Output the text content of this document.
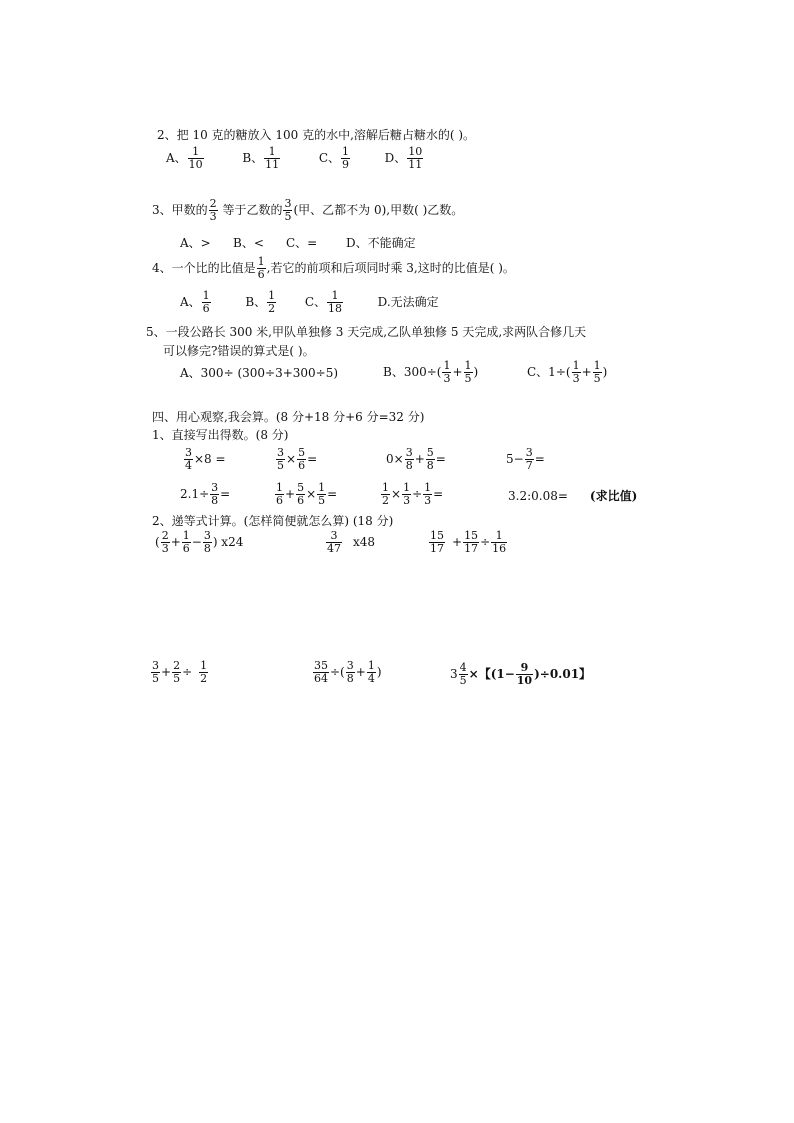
2、把 10 克的糖放入 100 克的水中,溶解后糖占糖水的( )。
A、 $\frac{1}{10}$	B、 $\frac{1}{11}$	C、 $\frac{1}{9}$	D、 $\frac{10}{11}$
3、甲数的 $\frac{2}{3}$ 等于乙数的 $\frac{3}{5}$ (甲、乙都不为 0),甲数( )乙数。
A、> B、< C、= D、不能确定
4、一个比的比值是 $\frac{1}{6}$ ,若它的前项和后项同时乘 3,这时的比值是( )。
A、 $\frac{1}{6}$	B、 $\frac{1}{2}$ C、 $\frac{1}{18}$	D.无法确定
5、一段公路长 300 米,甲队单独修 3 天完成,乙队单独修 5 天完成,求两队合修几天
可以修完?错误的算式是( )。
A、300÷ (300÷3+300÷5)	B、$300\div( \frac{1}{3} + \frac{1}{5}$ )	C、$1\div( \frac{1}{3} + \frac{1}{5}$ )
四、用心观察,我会算。(8 分+18 分+6 分=32 分)
1、直接写出得数。(8 分)
$\frac{3}{4} \times 8$ =	$\frac{3}{5} \times \frac{5}{6}$ =	$0\times \frac{3}{8} + \frac{5}{8}$ =	$5- \frac{3}{7}$ =
$2.1\div \frac{3}{8}$ =	$\frac{1}{6} + \frac{5}{6} \times \frac{1}{5}$ =	$\frac{1}{2} \times \frac{1}{3} \div \frac{1}{3}$ =	3.2:0.08= (求比值)
2、递等式计算。(怎样简便就怎么算) (18 分)
( $\frac{2}{3} + \frac{1}{6} - \frac{3}{8}$ ) x24	$\frac{3}{47} x48$	$\frac{15}{17} + \frac{15}{17} \div \frac{1}{16}$
$\frac{3}{5} + \frac{2}{5} \div \frac{1}{2}$	$\frac{35}{64}$ ÷( $\frac{3}{8} + \frac{1}{4}$ )	$3 \frac{4}{5}$ ×【$(1- \frac{9}{10} )\div 0.01$】
